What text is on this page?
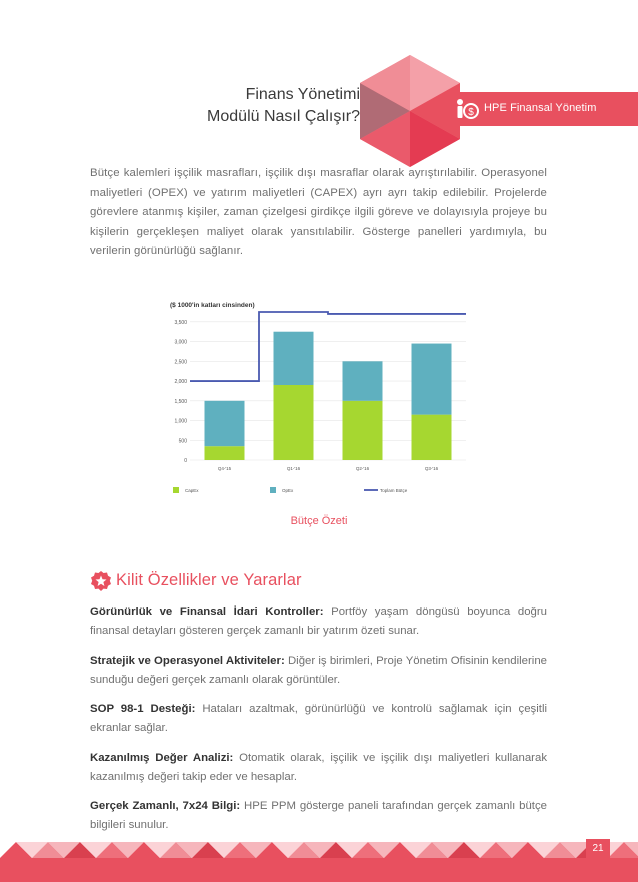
$ HPE Finansal Yönetim
Finans Yönetimi
Modülü Nasıl Çalışır?

Bütçe kalemleri işçilik masrafları, işçilik dışı masraflar olarak ayrıştırılabilir. Operasyonel maliyetleri (OPEX) ve yatırım maliyetleri (CAPEX) ayrı ayrı takip edilebilir. Projelerde görevlere atanmış kişiler, zaman çizelgesi girdikçe ilgili göreve ve dolayısıyla projeye bu kişilerin gerçekleşen maliyet olarak yansıtılabilir. Gösterge panelleri yardımıyla, bu verilerin görünürlüğü sağlanır.

($ 1000'in katları cinsinden)
0
500
1,000
1,500
2,000
2,500
3,000
3,500
Q4-'15	Q1-'16	Q2-'16	Q3-'16
CapEx	OpEx	Toplam Bütçe
Bütçe Özeti
Kilit Özellikler ve Yararlar

Görünürlük ve Finansal İdari Kontroller: Portföy yaşam döngüsü boyunca doğru finansal detayları gösteren gerçek zamanlı bir yatırım özeti sunar.

Stratejik ve Operasyonel Aktiviteler: Diğer iş birimleri, Proje Yönetim Ofisinin kendilerine sunduğu değeri gerçek zamanlı olarak görüntüler.

SOP 98-1 Desteği: Hataları azaltmak, görünürlüğü ve kontrolü sağlamak için çeşitli ekranlar sağlar.

Kazanılmış Değer Analizi: Otomatik olarak, işçilik ve işçilik dışı maliyetleri kullanarak kazanılmış değeri takip eder ve hesaplar.

Gerçek Zamanlı, 7x24 Bilgi: HPE PPM gösterge paneli tarafından gerçek zamanlı bütçe bilgileri sunulur.

21
